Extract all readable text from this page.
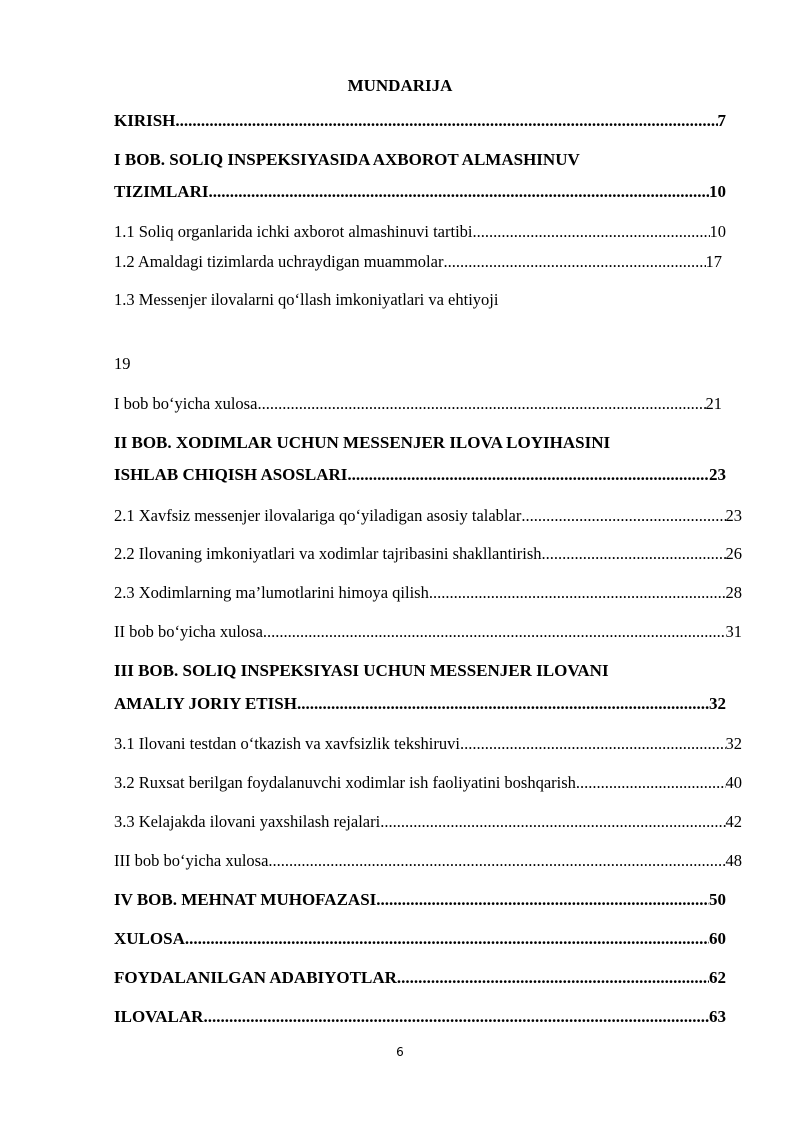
MUNDARIJA
KIRISH .....	7
I BOB. SOLIQ INSPEKSIYASIDA AXBOROT ALMASHINUV
TIZIMLARI .....	10
1.1 Soliq organlarida ichki axborot almashinuvi tartibi .....	10
1.2 Amaldagi tizimlarda uchraydigan muammolar .....	17
1.3 Messenjer ilovalarni qo‘llash imkoniyatlari va ehtiyoji
19
I bob bo‘yicha xulosa .....	21
II BOB. XODIMLAR UCHUN MESSENJER ILOVA LOYIHASINI
ISHLAB CHIQISH ASOSLARI .....	23
2.1 Xavfsiz messenjer ilovalariga qo‘yiladigan asosiy talablar .....	23
2.2 Ilovaning imkoniyatlari va xodimlar tajribasini shakllantirish .....	26
2.3 Xodimlarning ma’lumotlarini himoya qilish .....	28
II bob bo‘yicha xulosa .....	31
III BOB. SOLIQ INSPEKSIYASI UCHUN MESSENJER ILOVANI
AMALIY JORIY ETISH .....	32
3.1 Ilovani testdan o‘tkazish va xavfsizlik tekshiruvi .....	32
3.2 Ruxsat berilgan foydalanuvchi xodimlar ish faoliyatini boshqarish .....	40
3.3 Kelajakda ilovani yaxshilash rejalari .....	42
III bob bo‘yicha xulosa .....	48
IV BOB. MEHNAT MUHOFAZASI .....	50
XULOSA .....	60
FOYDALANILGAN ADABIYOTLAR .....	62
ILOVALAR .....	63
6
